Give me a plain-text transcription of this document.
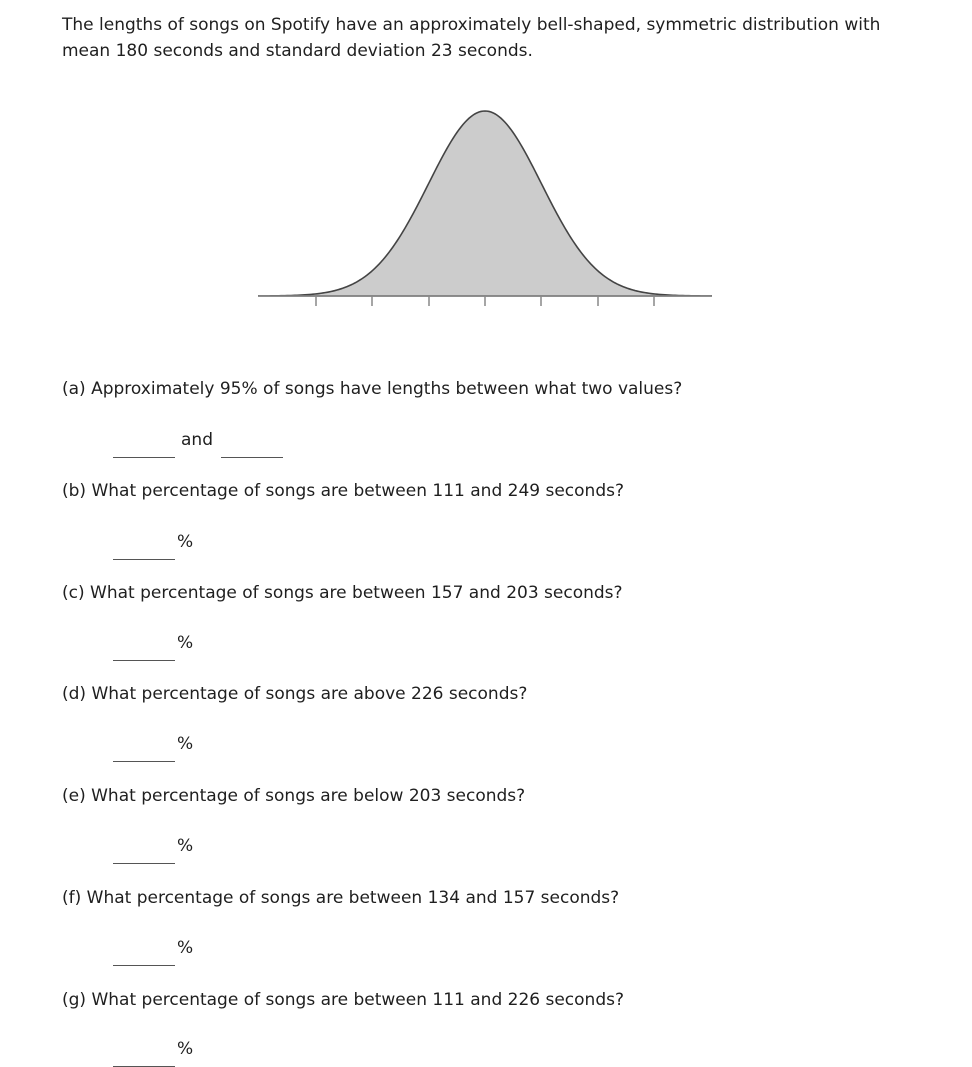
The lengths of songs on Spotify have an approximately bell-shaped, symmetric distribution with mean 180 seconds and standard deviation 23 seconds.

(a) Approximately 95% of songs have lengths between what two values?

and

(b) What percentage of songs are between 111 and 249 seconds?

%

(c) What percentage of songs are between 157 and 203 seconds?

%

(d) What percentage of songs are above 226 seconds?

%

(e) What percentage of songs are below 203 seconds?

%

(f) What percentage of songs are between 134 and 157 seconds?

%

(g) What percentage of songs are between 111 and 226 seconds?

%
